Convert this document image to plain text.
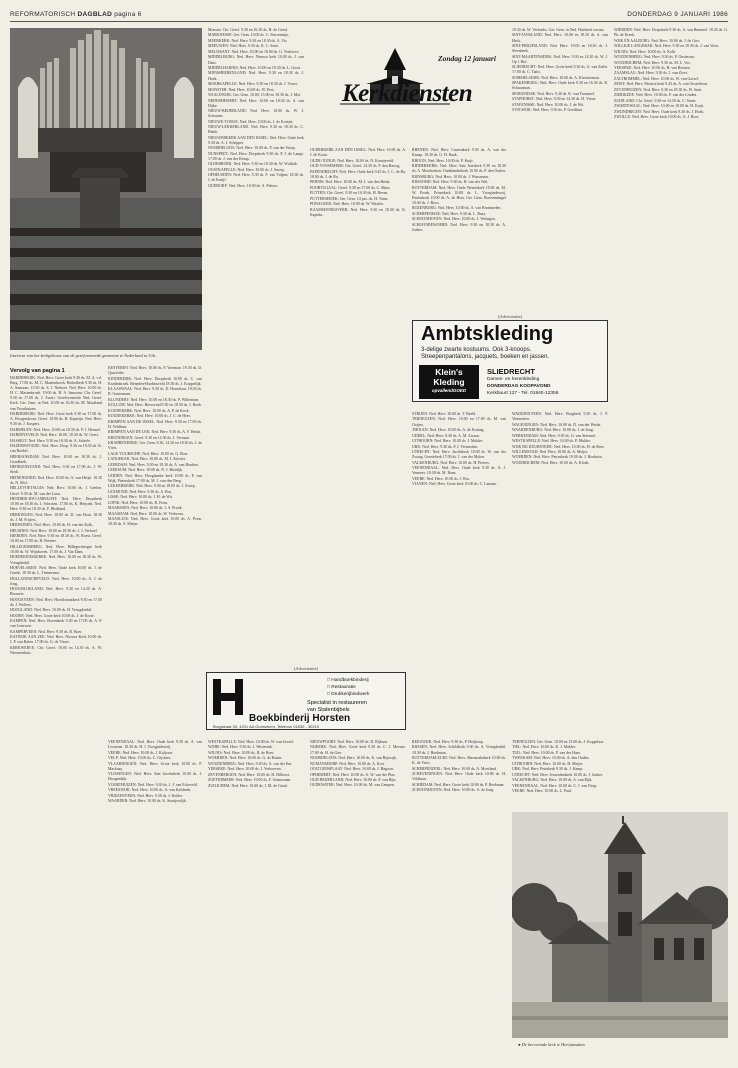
REFORMATORISCH DAGBLAD pagina 6	DONDERDAG 9 JANUARI 1986
Interieur van het kerkgebouw van de gereformeerde gemeente te Nederland in Urk.
Vervolg van pagina 1

HARDERWIJK: Ned. Herv. Grote kerk 9.30 ds. M. A. v.d. Berg, 17.00 ds. M. C. Mastenbroek. Bethelkerk 9.30 ds. H. A. Samsom, 10.30 ds. S. J. Nieboer. Ned. Herv. 10.00 ds. H. C. Mastenbroek. 19.00 ds. H. A. Samsom. Chr. Geref. 9.30 en 17.00 ds. J. Zwart. Gereformeerde Ned. Geref. Kerk. Ger. Gem. in Ned. 10.00 en 16.30 ds. M. Maasland van Voorthuizen.

HARDERWIJK: Ned. Herv. Grote kerk 9.30 en 17.00 ds. A. Hoogendoorn. Geref. 10.00 ds. H. Kapteijn. Ned. Herv. 9.30 ds. J. Kaspers.

HARMELEN: Ned. Herv. 10.00 en 18.30 ds. P. J. Hermel.

HARDINXVELD: Ned. Herv. 10.00, 18.30 ds. W. Geert.

HASSELT: Ned. Herv. 9.30 en 18.30 ds. A. Schiele.

HAZERSWOUDE: Ned. Herv. Dorp. 9.30 en 18.30 ds. K. van Roekel.

HEERJANSDAM: Ned. Herv. 10.00 en 18.30 ds. J. Goudbeek.

HEINKENSZAND: Ned. Herv. 9.30 en 17.00 ds. J. W. Sterk.

HEINENOORD: Ned. Herv. 10.00 ds. A. van Heijst. 18.30 ds. N. Mol.

HELLEVOETSLUIS: Ned. Herv. 10.00 ds. J. Geelen. Geref. 9.30 ds. M. van der Laan.

HENDRIK-IDO-AMBACHT: Ned. Herv. Dorpskerk 10.00 en 18.30 ds. J. Schroten. 17.00 ds. K. Heijstek. Ned. Herv. 9.30 en 18.30 ds. F. Blokland.

HERKINGEN: Ned. Herv. 10.00 ds. D. van Hout. 18.30 ds. J. M. Frijters.

HERWIJNEN: Ned. Herv. 10.00 ds. H. van der Kolk.

HEUSDEN: Ned. Herv. 10.00 en 18.30 ds. J. J. Verhoef.

HIERDEN: Ned. Herv. 9.30 en 18.30 ds. W. Roest. Geref. 10.00 en 17.00 ds. H. Bremer.

HILLEGERSBERG: Ned. Herv. Hillegersbergse kerk 10.00 ds. W. Wijnhoven. 17.00 ds. J. Van Dam.

HOEDEKENSKERKE: Ned. Herv. 10.00 en 18.30 ds. W. Vreugdenhil.

HOEVELAKEN: Ned. Herv. Oude kerk 10.00 ds. J. de Goede. 18.30 ds. L. Tiemersma.

HOLLANDSCHEVELD: Ned. Herv. 10.00 ds. A. J. de Jong.

HOOGBLOKLAND: Ned. Herv. 9.30 en 14.30 ds. A. Brouwer.

HOOGEVEEN: Ned. Herv. Hoofdstraatkerk 9.30 en 17.00 ds. J. Wolters.

HOOGLAND: Ned. Herv. 10.00 ds. H. Vreugdenhil.

HOORN: Ned. Herv. Grote kerk 10.00 ds. J. de Korte.

KAMPEN: Ned. Herv. Bovenkerk 9.30 en 17.00 ds. A. P. van Leeuwen.

KAMPERVEEN: Ned. Herv. 9.30 ds. B. Boer.

KATWIJK AAN ZEE: Ned. Herv. Nieuwe Kerk 10.00 ds. J. P. van Balen. 17.00 ds. G. de Visser.

KERKWERVE: Chr. Geref. 10.00 en 14.30 ds. A. W. Nieuwenhuis.

KESTEREN: Ned. Herv. 10.00 ds. P. Voetman. 19.30 ds. D. Quarteiler.

KINDERDIJK: Ned. Herv. Dorpskerk 10.00 ds. C. van Kradenbroek. Beneden-Hardinxveld 18.30 ds. J. Koppedijk.

KLAASWAAL: Ned. Herv. 9.30 ds. D. Honselaar. 18.30 ds. B. Gunterman.

KLUNDERT: Ned. Herv. 10.00 en 18.30 ds. P. Willemsen.

KOLLUM: Ned. Herv. Hervormd 9.30 en 18.30 ds. J. Hoek.

KOUDEKERK: Ned. Herv. 10.00 ds. A. P. de Kock.

KOUDEKERKE: Ned. Herv. 10.00 ds. J. C. de Heer.

KRIMPEN AAN DE IJSSEL: Ned. Herv. 9.30 en 17.00 ds. H. Veldhuis.

KRIMPEN AAN DE LEK: Ned. Herv. 9.30 ds. A. F. Heida.

KRUININGEN: Geref. 9.30 en 14.30 ds. J. Vermaat.

KRABBENDIJKE: Ger. Gem. 9.30, 14.30 en 18.30 ds. J. de Vries.

LAGE VUURSCHE: Ned. Herv. 10.00 ds. G. Boer.

LANGERAK: Ned. Herv. 10.00 ds. M. J. Kieviet.

LEERDAM: Ned. Herv. 9.30 en 18.30 ds. A. van Haaften.

LEERSUM: Ned. Herv. 10.00 ds. N. J. Rietdijk.

LEIDEN: Ned. Herv. Hooglandse kerk 10.00 ds. P. van Wijk. Pieterskerk 17.00 ds. M. J. van den Berg.

LEKKERKERK: Ned. Herv. 9.30 en 18.00 ds. J. Zwiep.

LEXMOND: Ned. Herv. 9.30 ds. A. Bos.

LISSE: Ned. Herv. 10.00 ds. J. H. de Wit.

LOPIK: Ned. Herv. 10.00 ds. B. Prins.

MAARSSEN: Ned. Herv. 10.00 ds. J. A. Pronk.

MAASDAM: Ned. Herv. 10.00 ds. W. Verboom.

MAASLUIS: Ned. Herv. Grote kerk 10.00 ds. A. Prins. 18.30 ds. S. Meijer.

Monster. Chr. Geref. 9.30 en 16.30 ds. H. de Graaf.

MARKNESSE: Ger. Gem. 10.00 ds. C. Sterrenstijn.

MEERKERK: Ned. Herv. 9.30 en 18.30 ds. A. Vis.

MEEUWEN: Ned. Herv. 9.30 ds. K. C. Smit.

MELISSANT: Ned. Herv. 10.00 en 18.00 ds. G. Verhoeve.

MIDDELBURG: Ned. Herv. Nieuwe kerk 10.00 ds. J. van Dam.

MIDDELHARNIS: Ned. Herv. 10.00 en 18.30 ds. L. Groot.

MIJNSHEERENLAND: Ned. Herv. 9.30 en 18.30 ds. J. Hoek.

MOERKAPELLE: Ned. Herv. 9.30 en 18.30 ds. J. Visser.

MONSTER: Ned. Herv. 10.00 ds. W. Post.

NAALDWIJK: Ger. Gem. 10.00, 15.00 en 18.30 ds. J. Mol.

NEDERHEMERT: Ned. Herv. 10.00 en 18.30 ds. A. van Dijke.

NIEUW-BEIJERLAND: Ned. Herv. 10.00 ds. W. J. Schouten.

NIEUWE-TONGE: Ned. Herv. 10.00 ds. J. de Koeijer.

NIEUW-LEKKERLAND: Ned. Herv. 9.30 en 18.30 ds. C. Blenk.

NIEUWERKERK AAN DEN IJSSEL: Ned. Herv. Oude kerk 9.30 ds. A. J. Schipper.

NOORDELOOS: Ned. Herv. 10.00 ds. P. van der Stoep.

NUNSPEET: Ned. Herv. Dorpskerk 9.30 ds. P. J. de Lange. 17.00 ds. J. van der Kemp.

OLDEBROEK: Ned. Herv. 9.30 en 18.30 ds. W. Wullink.

OOSTKAPELLE: Ned. Herv. 10.00 ds. J. Snoep.

OPHEUSDEN: Ned. Herv. 9.30 ds. F. van Vulpen. 18.30 ds. J. de Kruijf.

OUDDORP: Ned. Herv. 10.00 ds. A. Pieters.

Zondag 12 januari
Kerkdiensten

OUDERKERK AAN DEN IJSSEL: Ned. Herv. 10.00 ds. A. J. de Korte.

OUDE-TONGE: Ned. Herv. 10.00 ds. N. Kraaijeveld.

OUD-VOSSEMEER: Chr. Geref. 14.30 ds. P. den Hartog.

PAPENDRECHT: Ned. Herv. Oude kerk 9.45 ds. J. C. de Ru. 18.00 ds. J. de Ru.

PERNIS: Ned. Herv. 10.00 ds. M. J. van den Brink.

POORTUGAAL: Geref. 9.30 en 17.00 ds. C. Maas.

PUTTEN: Chr. Geref. 9.30 en 16.30 ds. H. Beens.

PUTTERSHOEK: Ger. Gem. 14 pas. ds. H. Tanis.

PIJNACKER: Ned. Herv. 10.00 ds. W. Waalen.

RAAMSDONKSVEER: Ned. Herv. 9.30 en 18.30 ds. K. Kaptein.

RHENEN: Ned. Herv. Cunerakerk 9.30 ds. A. van der Knaap. 18.30 ds. G. H. Baak.

RHOON: Ned. Herv. 10.00 ds. P. Kuijt.

RIDDERKERK: Ned. Herv. Sint Joriskerk 9.30 en 18.30 ds. A. Moerkerken. Oudelandsekerk 10.00 ds. P. den Ouden.

RIJNSBURG: Ned. Herv. 10.00 ds. J. Wassenaar.

RIJSOORD: Ned. Herv. 9.30 ds. H. van der Wal.

ROTTERDAM: Ned. Herv. Oude Westerkerk 10.00 ds. M. W. Pronk. Prinsekerk 10.00 ds. L. Vroegindeweij. Pauluskerk 10.00 ds. A. de Heer. Ger. Gem. Boezemsingel 10.00 ds. J. Roos.

ROZENBURG: Ned. Herv. 10.00 ds. A. van Brummelen.

SCHERPENISSE: Ned. Herv. 9.30 ds. L. Baay.

SCHOONHOVEN: Ned. Herv. 10.00 ds. J. Verhagen.

SCHOONREWOERD: Ned. Herv. 9.30 en 18.30 ds. A. Jonker.

18.30 ds. W. Verhoeks. Ger. Gem. in Ned. Huiskerk vacant.

SINT-JANSLAND: Ned. Herv. 10.00 en 18.30 ds. A. van Heck.

SINT-PHILIPSLAND: Ned. Herv. 10.00 en 18.30 ds. J. Steenbeek.

SINT-MAARTENSDIJK: Ned. Herv. 9.30 en 14.30 ds. W. J. Op 't Hof.

SLIEDRECHT: Ned. Herv. Grote kerk 9.30 ds. G. van Zielst. 17.00 ds. C. Tanis.

SOMMELSDIJK: Ned. Herv. 10.00 ds. A. Kloosterman.

SPAKENBURG: Ned. Herv. Oude kerk 9.30 en 16.30 ds. B. Schuurman.

SPIJKENISSE: Ned. Herv. 9.30 ds. K. van Trommel.

STAPHORST: Ned. Herv. 9.30 en 14.30 ds. H. Visser.

STAVENISSE: Ned. Herv. 10.00 ds. J. de Wit.

STOLWIJK: Ned. Herv. 9.30 ds. P. Goedhart.

(Advertentie)
Ambtskleding
3-delige zwarte kostuums. Ook 3-knoops.
Streepenpantalons, jacquets, boeken en jassen.
Klein's
Kleding
opvallendGOED
SLIEDRECHT
Dames- en herenkleding
DONDERDAG KOOPAVOND
Kerkbuurt 127 - Tel. 01840-12358

STRIJEN: Ned. Herv. 10.00 ds. T. Beeld.

TERNEUZEN: Ned. Herv. 10.00 en 17.00 ds. M. van Ooijen.

THOLEN: Ned. Herv. 10.00 ds. A. de Koning.

UDDEL: Ned. Herv. 9.30 ds. A. M. Zwaan.

UITHOORN: Ned. Herv. 10.00 ds. J. Mulder.

URK: Ned. Herv. 9.30 ds. P. J. Vermeulen.

UTRECHT: Ned. Herv. Jacobikerk 10.00 ds. W. van der Zwaag. Geertekerk 17.00 ds. J. van der Molen.

VALKENBURG: Ned. Herv. 10.00 ds. H. Pieters.

VEENENDAAL: Ned. Herv. Oude kerk 9.30 ds. A. J. Vermeer. 18.30 ds. M. Baan.

VEERE: Ned. Herv. 10.00 ds. J. Bos.

VIANEN: Ned. Herv. Grote kerk 10.00 ds. C. Lamain.

WADDINXVEEN: Ned. Herv. Brugkerk 9.30 ds. J. P. Vermeulen.

WAGENINGEN: Ned. Herv. 10.00 ds. D. van der Weide.

WAARDENBURG: Ned. Herv. 10.00 ds. J. de Jong.

WERKENDAM: Ned. Herv. 9.30 ds. G. van Steensel.

WESTKAPELLE: Ned. Herv. 10.00 ds. P. Mulder.

WIJK BIJ DUURSTEDE: Ned. Herv. 10.00 ds. H. de Boer.

WILLEMSTAD: Ned. Herv. 10.00 ds. A. Meijer.

WOERDEN: Ned. Herv. Petruskerk 10.00 ds. J. Hoekstra.

WOUDRICHEM: Ned. Herv. 10.00 ds. A. Kloek.

WIERDEN: Ned. Herv. Dorpskerk 9.30 ds. A. van Bemmel. 18.45 ds. G. Ph. de Kreek.

WIJK EN AALBURG: Ned. Herv. 10.00 ds. J. de Gier.

WILLIGE LANGERAK: Ned. Herv. 9.30 en 18.30 ds. J. van Veen.

WILNIS: Ned. Herv. 10.00 ds. A. Kolk.

WOUDENBERG: Ned. Herv. 9.30 ds. P. Oosterom.

WOUDRICHEM: Ned. Herv. 9.30 ds. M. L. Vos.

YERSEKE: Ned. Herv. 10.00 ds. H. van Reenen.

ZAAMSLAG: Ned. Herv. 9.30 ds. J. van Zwet.

ZALTBOMMEL: Ned. Herv. 10.00 ds. W. van Gorsel.

ZEIST: Ned. Herv. Nieuwe kerk 9.45 ds. A. van Oosterhout.

ZEVENHUIZEN: Ned. Herv. 9.30 en 18.30 ds. W. Smit.

ZIERIKZEE: Ned. Herv. 10.00 ds. P. van der Linden.

ZUIDLAND: Chr. Geref. 9.30 en 14.30 ds. C. Smits.

ZWARTEWAAL: Ned. Herv. 10.00 en 18.00 ds. H. Kuijt.

ZWIJNDRECHT: Ned. Herv. Oude kerk 9.30 ds. J. Hoek.

ZWOLLE: Ned. Herv. Grote kerk 10.00 ds. A. J. Boer.

(Advertentie)
□ Handboekbinderij
□ Restauratie
□ Drukkerijbindwerk
Specialist in restaureren
van Statenbijbels
Boekbinderij Horsten
Burgstraat 33, 4201 AA Gorinchem, Telefoon 01830 - 30219

VEENENDAAL: Ned. Herv. Oude kerk 9.30 ds. A. van Leeuwen. 18.30 ds. H. J. Vroegindeweij.

VEERE: Ned. Herv. 10.00 ds. J. Kaljouw.

VELP: Ned. Herv. 10.00 ds. C. Gijsbers.

VLAARDINGEN: Ned. Herv. Grote kerk 10.00 ds. P. Mackaay.

VLISSINGEN: Ned. Herv. Sint Jacobskerk 10.00 ds. J. Hoogendijk.

VOORTHUIZEN: Ned. Herv. 9.30 ds. J. J. van Eckeveld.

VREESWIJK: Ned. Herv. 10.00 ds. A. van Kalsbeek.

VRIEZENVEEN: Ned. Herv. 9.30 ds. J. Kelder.

WAARDER: Ned. Herv. 10.00 ds. K. Stoutjesdijk.

WESTKAPELLE: Ned. Herv. 10.00 ds. W. van Gorsel.

WIJHE: Ned. Herv. 9.30 ds. J. Westerink.

WILNIS: Ned. Herv. 10.00 ds. B. de Boer.

WOERDEN: Ned. Herv. 10.00 ds. G. de Ruiter.

WOUDENBERG: Ned. Herv. 9.30 ds. A. van der Ent.

YERSEKE: Ned. Herv. 10.00 ds. J. Verhoeven.

ZEVENBERGEN: Ned. Herv. 10.00 ds. H. Hilhorst.

ZOETERMEER: Ned. Herv. 10.00 ds. F. Schuurman.

ZUILICHEM: Ned. Herv. 10.00 ds. J. M. de Graaf.

NIEUWPOORT: Ned. Herv. 10.00 ds. H. Rijksen.

NIJKERK: Ned. Herv. Grote kerk 9.30 ds. C. J. Meeuse. 17.00 ds. H. de Gier.

NOORDELOOS: Ned. Herv. 10.00 ds. K. van Rijswijk.

NUMANSDORP: Ned. Herv. 10.00 ds. A. Kort.

OOLTGENSPLAAT: Ned. Herv. 10.00 ds. J. Hagoort.

OPHEMERT: Ned. Herv. 10.00 ds. A. W. van der Plas.

OUD-BEIJERLAND: Ned. Herv. 10.00 ds. F. van Rijn.

OUDEWATER: Ned. Herv. 10.00 ds. M. van Campen.

REEUWIJK: Ned. Herv. 9.30 ds. P. Heijkoop.

RIJSSEN: Ned. Herv. Schildkerk 9.30 ds. A. Vreugdenhil. 18.30 ds. J. Hoekman.

ROTTERDAM-ZUID: Ned. Herv. Maranathakerk 10.00 ds. K. de Vries.

SCHERPENZEEL: Ned. Herv. 10.00 ds. A. Moerland.

SCHEVENINGEN: Ned. Herv. Oude kerk 10.00 ds. H. Veldman.

SCHIEDAM: Ned. Herv. Grote kerk 10.00 ds. P. Beekman.

SCHOONHOVEN: Ned. Herv. 10.00 ds. A. de Jong.

TERNEUZEN: Ger. Gem. 10.00 en 15.00 ds. J. Koppelaar.

TIEL: Ned. Herv. 10.00 ds. K. J. Mulder.

TUIL: Ned. Herv. 10.00 ds. P. van der Ham.

TWEEKAM: Ned. Herv. 10.00 ds. A. den Ouden.

UITHOORN: Ned. Herv. 10.00 ds. H. Meijer.

URK: Ned. Herv. Petrakerk 9.30 ds. J. Kamp.

UTRECHT: Ned. Herv. Jeruzalemkerk 10.00 ds. J. Jonker.

VALKENBURG: Ned. Herv. 10.00 ds. A. van Dijk.

VEENENDAAL: Ned. Herv. 10.00 ds. C. J. van Dorp.

VEERE: Ned. Herv. 10.00 ds. L. Paul.

● De hervormde kerk te Heerjansdam
